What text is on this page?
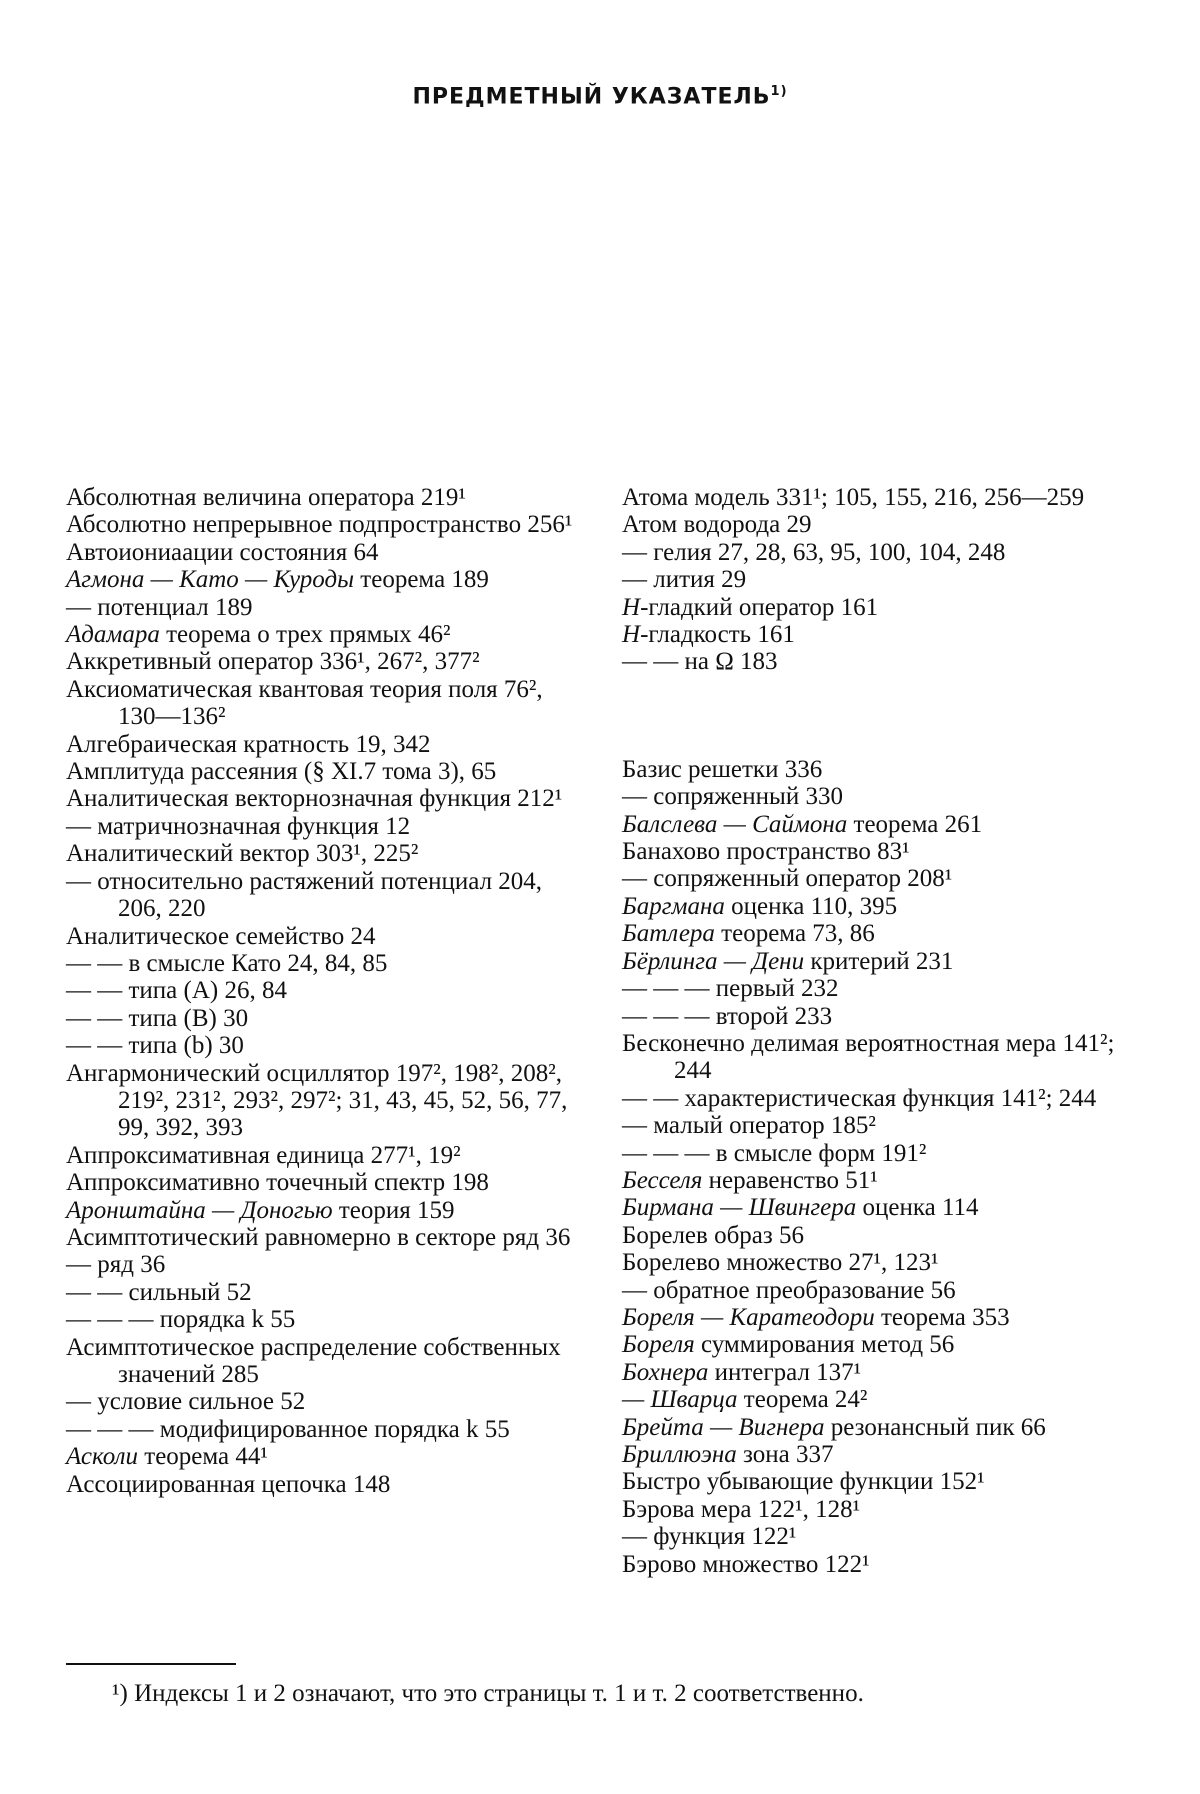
ПРЕДМЕТНЫЙ УКАЗАТЕЛЬ$^{1)}$
Абсолютная величина оператора 219¹
Абсолютно непрерывное подпространство 256¹
Автоиониаации состояния 64
Агмона — Като — Куроды теорема 189
— потенциал 189
Адамара теорема о трех прямых 46²
Аккретивный оператор 336¹, 267², 377²
Аксиоматическая квантовая теория поля 76², 130—136²
Алгебраическая кратность 19, 342
Амплитуда рассеяния (§ XI.7 тома 3), 65
Аналитическая векторнозначная функция 212¹
— матричнозначная функция 12
Аналитический вектор 303¹, 225²
— относительно растяжений потенциал 204, 206, 220
Аналитическое семейство 24
— — в смысле Като 24, 84, 85
— — типа (А) 26, 84
— — типа (В) 30
— — типа (b) 30
Ангармонический осциллятор 197², 198², 208², 219², 231², 293², 297²; 31, 43, 45, 52, 56, 77, 99, 392, 393
Аппроксимативная единица 277¹, 19²
Аппроксимативно точечный спектр 198
Аронштайна — Доногью теория 159
Асимптотический равномерно в секторе ряд 36
— ряд 36
— — сильный 52
— — — порядка k 55
Асимптотическое распределение собственных значений 285
— условие сильное 52
— — — модифицированное порядка k 55
Асколи теорема 44¹
Ассоциированная цепочка 148
Атома модель 331¹; 105, 155, 216, 256—259
Атом водорода 29
— гелия 27, 28, 63, 95, 100, 104, 248
— лития 29
H-гладкий оператор 161
H-гладкость 161
— — на Ω 183
Базис решетки 336
— сопряженный 330
Балслева — Саймона теорема 261
Банахово пространство 83¹
— сопряженный оператор 208¹
Баргмана оценка 110, 395
Батлера теорема 73, 86
Бёрлинга — Дени критерий 231
— — — первый 232
— — — второй 233
Бесконечно делимая вероятностная мера 141²; 244
— — характеристическая функция 141²; 244
— малый оператор 185²
— — — в смысле форм 191²
Бесселя неравенство 51¹
Бирмана — Швингера оценка 114
Борелев образ 56
Борелево множество 27¹, 123¹
— обратное преобразование 56
Бореля — Каратеодори теорема 353
Бореля суммирования метод 56
Бохнера интеграл 137¹
— Шварца теорема 24²
Брейта — Вигнера резонансный пик 66
Бриллюэна зона 337
Быстро убывающие функции 152¹
Бэрова мера 122¹, 128¹
— функция 122¹
Бэрово множество 122¹
¹) Индексы 1 и 2 означают, что это страницы т. 1 и т. 2 соответственно.
